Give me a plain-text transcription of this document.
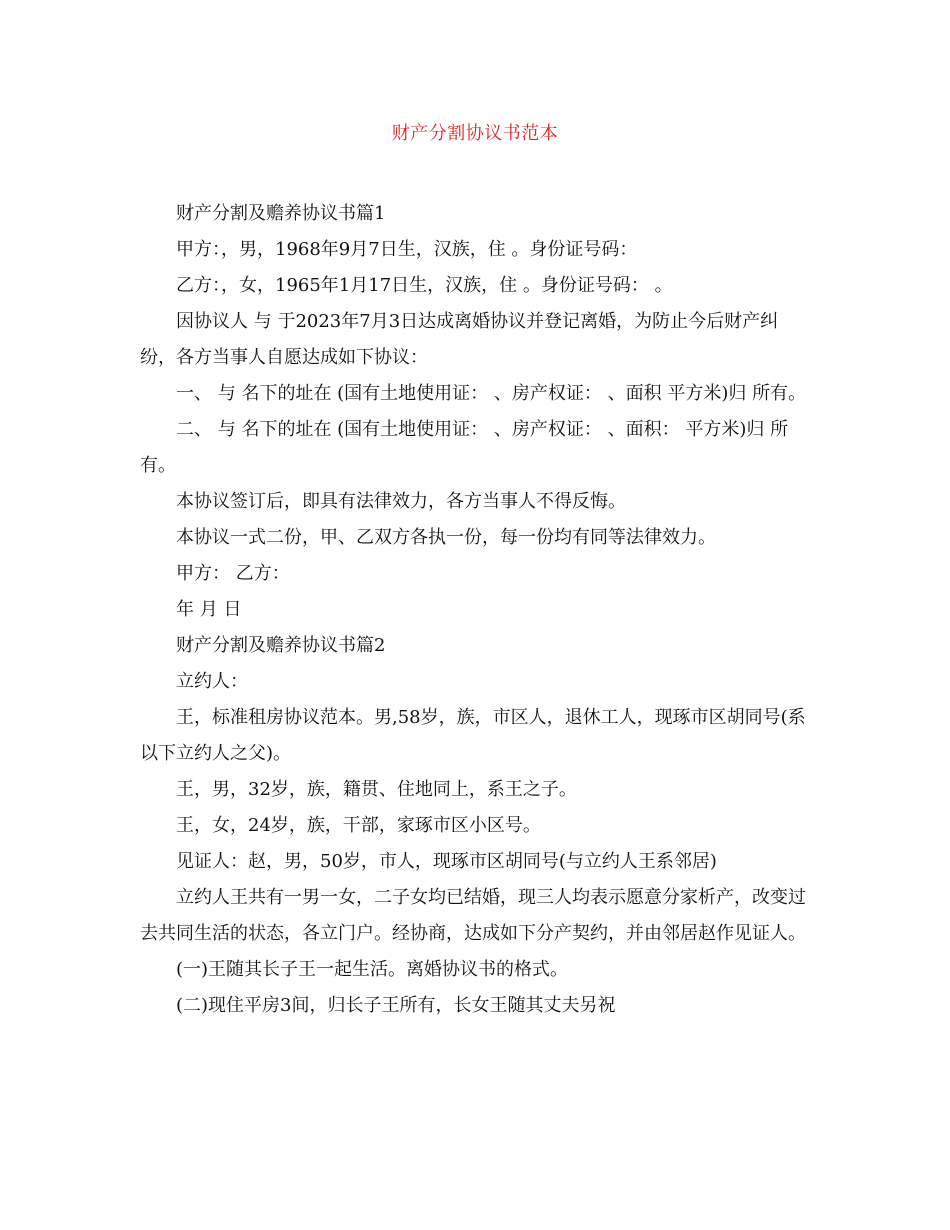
财产分割协议书范本

财产分割及赡养协议书篇1

甲方：，男，1968年9月7日生，汉族，住 。身份证号码：

乙方：，女，1965年1月17日生，汉族，住 。身份证号码： 。

因协议人 与 于2023年7月3日达成离婚协议并登记离婚，为防止今后财产纠纷，各方当事人自愿达成如下协议：

一、 与 名下的址在 (国有土地使用证： 、房产权证： 、面积 平方米)归 所有。

二、 与 名下的址在 (国有土地使用证： 、房产权证： 、面积： 平方米)归 所有。

本协议签订后，即具有法律效力，各方当事人不得反悔。

本协议一式二份，甲、乙双方各执一份，每一份均有同等法律效力。

甲方： 乙方：

年 月 日

财产分割及赡养协议书篇2

立约人：

王，标准租房协议范本。男,58岁，族，市区人，退休工人，现琢市区胡同号(系以下立约人之父)。

王，男，32岁，族，籍贯、住地同上，系王之子。

王，女，24岁，族，干部，家琢市区小区号。

见证人：赵，男，50岁，市人，现琢市区胡同号(与立约人王系邻居)

立约人王共有一男一女，二子女均已结婚，现三人均表示愿意分家析产，改变过去共同生活的状态，各立门户。经协商，达成如下分产契约，并由邻居赵作见证人。

(一)王随其长子王一起生活。离婚协议书的格式。

(二)现住平房3间，归长子王所有，长女王随其丈夫另祝
